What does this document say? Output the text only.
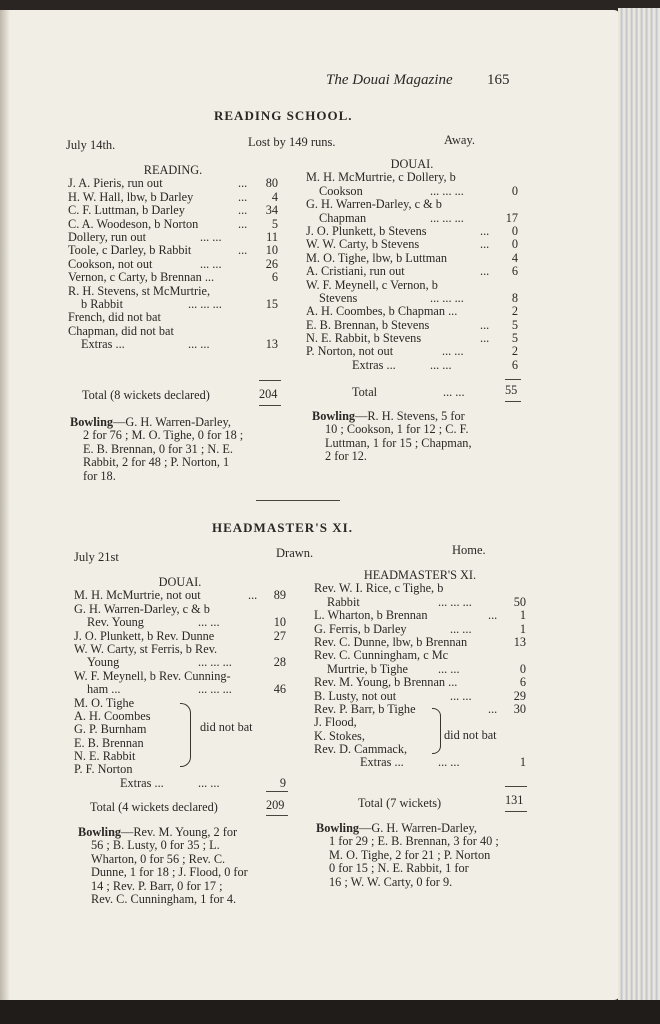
The Douai Magazine 165
READING SCHOOL.
July 14th.	Lost by 149 runs.	Away.
READING.
J. A. Pieris, run out	... 80
H. W. Hall, lbw, b Darley	... 4
C. F. Luttman, b Darley	... 34
C. A. Woodeson, b Norton	... 5
Dollery, run out	... ...	11
Toole, c Darley, b Rabbit	... 10
Cookson, not out	... ...	26
Vernon, c Carty, b Brennan ...	6
R. H. Stevens, st McMurtrie,
b Rabbit	... ... ...	15
French, did not bat
Chapman, did not bat
Extras ...	... ...	13
Total (8 wickets declared)	204
Bowling—G. H. Warren-Darley,
2 for 76 ; M. O. Tighe, 0 for 18 ;
E. B. Brennan, 0 for 31 ; N. E.
Rabbit, 2 for 48 ; P. Norton, 1
for 18.
DOUAI.
M. H. McMurtrie, c Dollery, b
Cookson	... ... ...	0
G. H. Warren-Darley, c & b
Chapman	... ... ...	17
J. O. Plunkett, b Stevens	... 0
W. W. Carty, b Stevens	... 0
M. O. Tighe, lbw, b Luttman	4
A. Cristiani, run out	... 6
W. F. Meynell, c Vernon, b
Stevens	... ... ...	8
A. H. Coombes, b Chapman ...	2
E. B. Brennan, b Stevens	... 5
N. E. Rabbit, b Stevens	... 5
P. Norton, not out	... ...	2
Extras ...	... ...	6
Total	... ...	55
Bowling—R. H. Stevens, 5 for
10 ; Cookson, 1 for 12 ; C. F.
Luttman, 1 for 15 ; Chapman,
2 for 12.
HEADMASTER'S XI.
July 21st	Drawn.	Home.
DOUAI.
M. H. McMurtrie, not out	... 89
G. H. Warren-Darley, c & b
Rev. Young	... ...	10
J. O. Plunkett, b Rev. Dunne	27
W. W. Carty, st Ferris, b Rev.
Young	... ... ...	28
W. F. Meynell, b Rev. Cunning-
ham ...	... ... ...	46
M. O. Tighe
A. H. Coombes
G. P. Burnham
E. B. Brennan
N. E. Rabbit
P. F. Norton
Extras ...	... ...	9
did not bat
Total (4 wickets declared)	209
Bowling—Rev. M. Young, 2 for
56 ; B. Lusty, 0 for 35 ; L.
Wharton, 0 for 56 ; Rev. C.
Dunne, 1 for 18 ; J. Flood, 0 for
14 ; Rev. P. Barr, 0 for 17 ;
Rev. C. Cunningham, 1 for 4.
HEADMASTER'S XI.
Rev. W. I. Rice, c Tighe, b
Rabbit	... ... ...	50
L. Wharton, b Brennan	... 1
G. Ferris, b Darley	... ...	1
Rev. C. Dunne, lbw, b Brennan	13
Rev. C. Cunningham, c Mc
Murtrie, b Tighe ... ...	0
Rev. M. Young, b Brennan ...	6
B. Lusty, not out	... ...	29
Rev. P. Barr, b Tighe	... 30
J. Flood,
K. Stokes,
Rev. D. Cammack,
Extras ...	... ...	1
did not bat
Total (7 wickets)	131
Bowling—G. H. Warren-Darley,
1 for 29 ; E. B. Brennan, 3 for 40 ;
M. O. Tighe, 2 for 21 ; P. Norton
0 for 15 ; N. E. Rabbit, 1 for
16 ; W. W. Carty, 0 for 9.
